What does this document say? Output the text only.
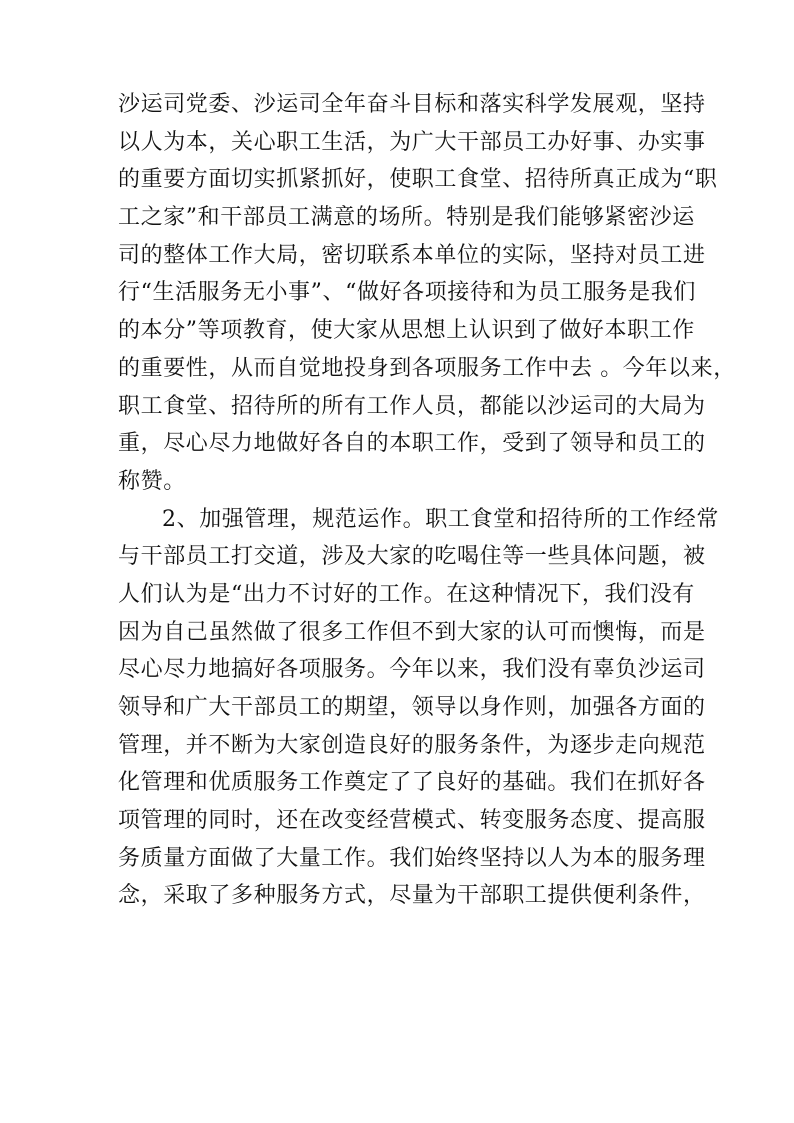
沙运司党委、沙运司全年奋斗目标和落实科学发展观，坚持
以人为本，关心职工生活，为广大干部员工办好事、办实事
的重要方面切实抓紧抓好，使职工食堂、招待所真正成为“职
工之家”和干部员工满意的场所。特别是我们能够紧密沙运
司的整体工作大局，密切联系本单位的实际，坚持对员工进
行“生活服务无小事”、“做好各项接待和为员工服务是我们
的本分”等项教育，使大家从思想上认识到了做好本职工作
的重要性，从而自觉地投身到各项服务工作中去 。今年以来，
职工食堂、招待所的所有工作人员，都能以沙运司的大局为
重，尽心尽力地做好各自的本职工作，受到了领导和员工的
称赞。
2、加强管理，规范运作。职工食堂和招待所的工作经常
与干部员工打交道，涉及大家的吃喝住等一些具体问题，被
人们认为是“出力不讨好的工作。在这种情况下，我们没有
因为自己虽然做了很多工作但不到大家的认可而懊悔，而是
尽心尽力地搞好各项服务。今年以来，我们没有辜负沙运司
领导和广大干部员工的期望，领导以身作则，加强各方面的
管理，并不断为大家创造良好的服务条件，为逐步走向规范
化管理和优质服务工作奠定了了良好的基础。我们在抓好各
项管理的同时，还在改变经营模式、转变服务态度、提高服
务质量方面做了大量工作。我们始终坚持以人为本的服务理
念，采取了多种服务方式，尽量为干部职工提供便利条件，
